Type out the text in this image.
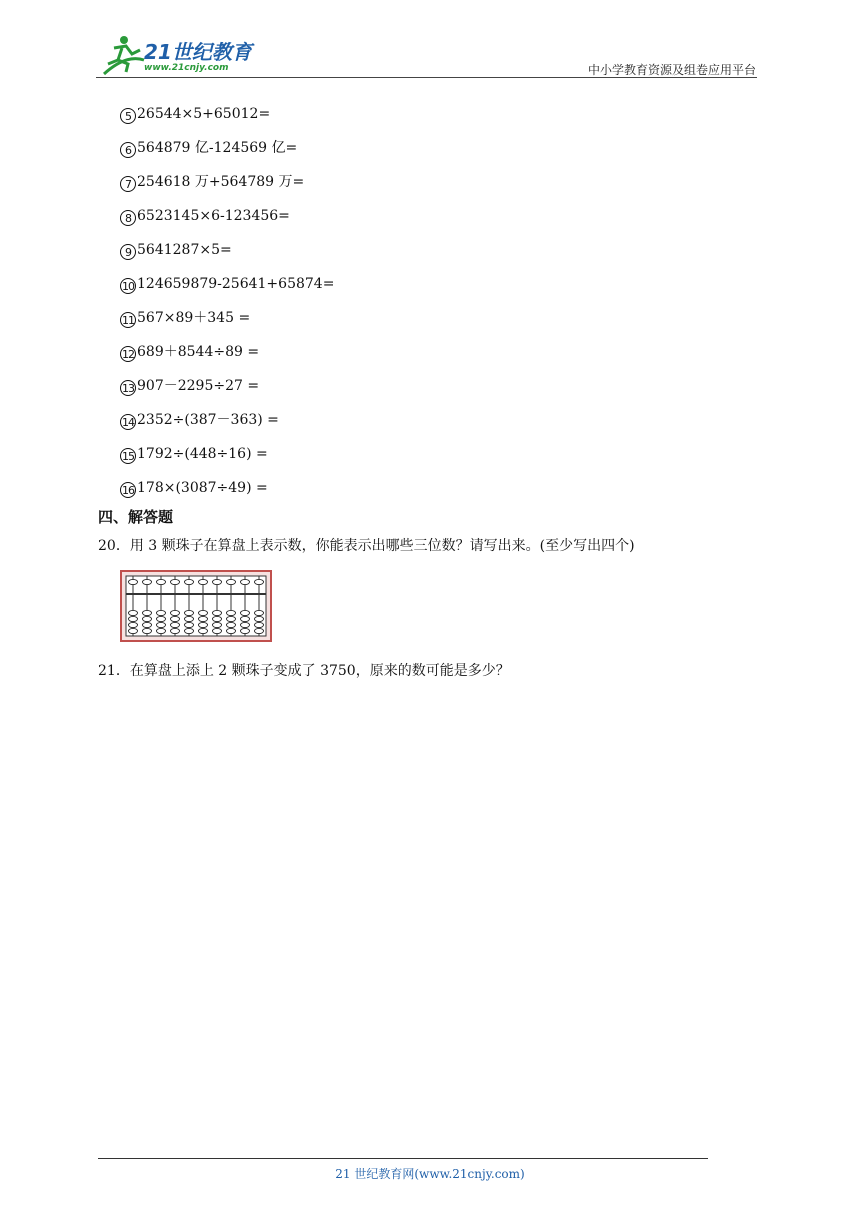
21世纪教育
www.21cnjy.com	中小学教育资源及组卷应用平台
5 26544×5+65012=
6 564879 亿-124569 亿=
7 254618 万+564789 万=
8 6523145×6-123456=
9 5641287×5=
10 124659879-25641+65874=
11 567×89＋345 =
12 689＋8544÷89 =
13 907－2295÷27 =
14 2352÷(387－363) =
15 1792÷(448÷16) =
16 178×(3087÷49) =
四、解答题
20．用 3 颗珠子在算盘上表示数，你能表示出哪些三位数？请写出来。(至少写出四个)
21．在算盘上添上 2 颗珠子变成了 3750，原来的数可能是多少？
21 世纪教育网(www.21cnjy.com)
